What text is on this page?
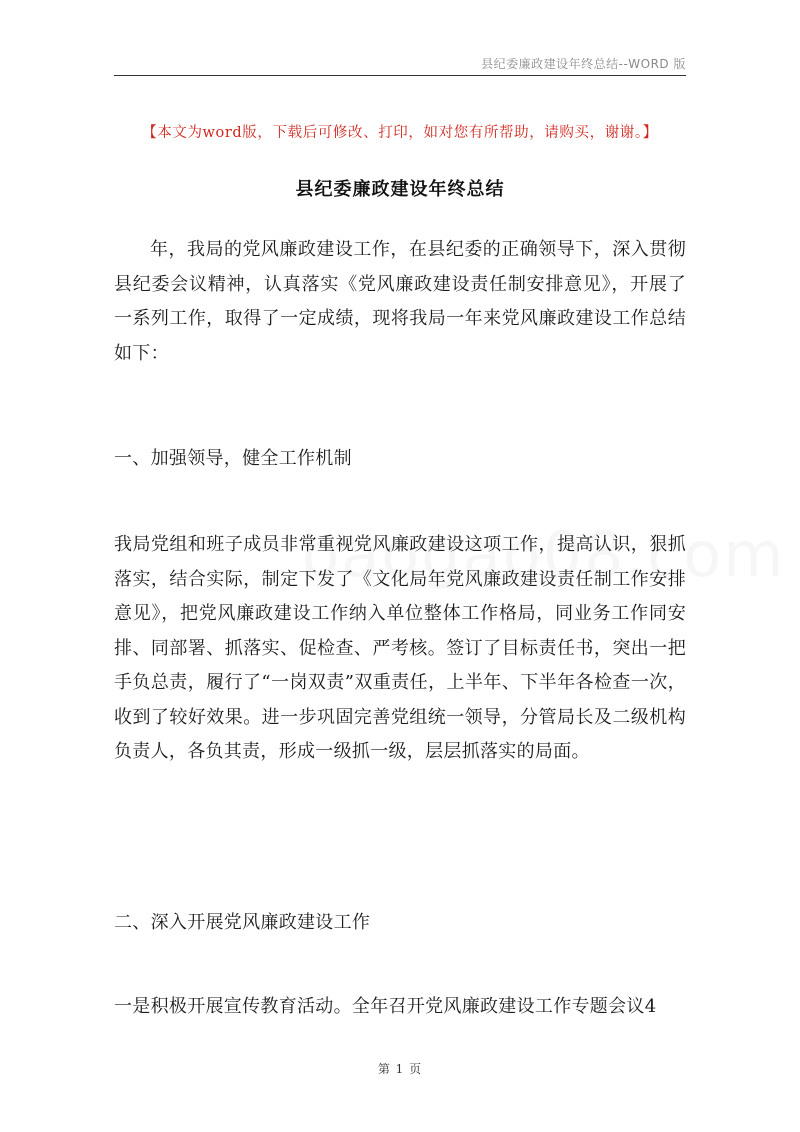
县纪委廉政建设年终总结--WORD 版
【本文为word版，下载后可修改、打印，如对您有所帮助，请购买，谢谢。】
县纪委廉政建设年终总结
年，我局的党风廉政建设工作，在县纪委的正确领导下，深入贯彻县纪委会议精神，认真落实《党风廉政建设责任制安排意见》，开展了一系列工作，取得了一定成绩，现将我局一年来党风廉政建设工作总结如下：
一、加强领导，健全工作机制
我局党组和班子成员非常重视党风廉政建设这项工作，提高认识，狠抓落实，结合实际，制定下发了《文化局年党风廉政建设责任制工作安排意见》，把党风廉政建设工作纳入单位整体工作格局，同业务工作同安排、同部署、抓落实、促检查、严考核。签订了目标责任书，突出一把手负总责，履行了“一岗双责”双重责任，上半年、下半年各检查一次，收到了较好效果。进一步巩固完善党组统一领导，分管局长及二级机构负责人，各负其责，形成一级抓一级，层层抓落实的局面。
二、深入开展党风廉政建设工作
一是积极开展宣传教育活动。全年召开党风廉政建设工作专题会议4
第 1 页
